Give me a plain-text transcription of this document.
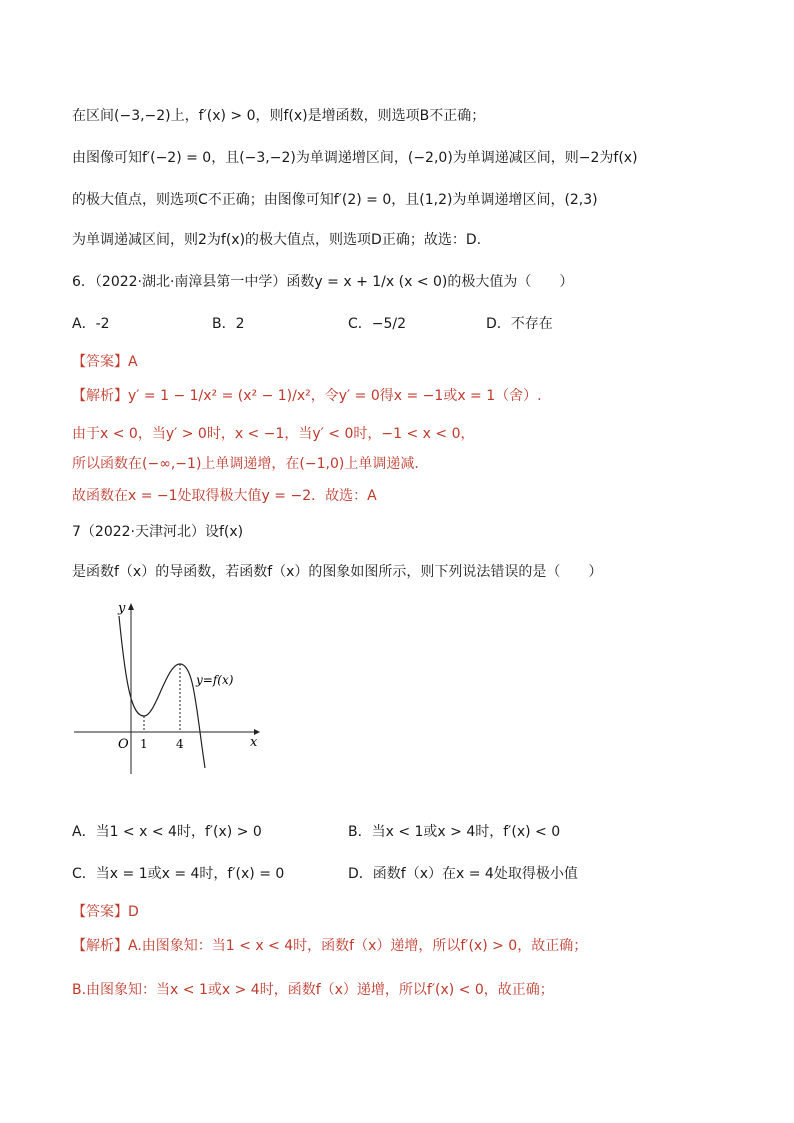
在区间(−3,−2)上，f′(x) > 0，则f(x)是增函数，则选项B不正确；
由图像可知f′(−2) = 0，且(−3,−2)为单调递增区间，(−2,0)为单调递减区间，则−2为f(x)
的极大值点，则选项C不正确；由图像可知f′(2) = 0，且(1,2)为单调递增区间，(2,3)
为单调递减区间，则2为f(x)的极大值点，则选项D正确；故选：D.
6．（2022·湖北·南漳县第一中学）函数y = x + 1/x (x < 0)的极大值为（　　）
A．-2	B．2	C．−5/2	D．不存在
【答案】A
【解析】y′ = 1 − 1/x² = (x² − 1)/x²，令y′ = 0得x = −1或x = 1（舍）.
由于x < 0，当y′ > 0时，x < −1，当y′ < 0时，−1 < x < 0，
所以函数在(−∞,−1)上单调递增，在(−1,0)上单调递减.
故函数在x = −1处取得极大值y = −2．故选：A
7（2022·天津河北）设f(x)
是函数f（x）的导函数，若函数f（x）的图象如图所示，则下列说法错误的是（　　）
y
x
O 1 4
y=f(x)
A．当1 < x < 4时，f′(x) > 0	B．当x < 1或x > 4时，f′(x) < 0
C．当x = 1或x = 4时，f′(x) = 0	D．函数f（x）在x = 4处取得极小值
【答案】D
【解析】A.由图象知：当1 < x < 4时，函数f（x）递增，所以f′(x) > 0，故正确；
B.由图象知：当x < 1或x > 4时，函数f（x）递增，所以f′(x) < 0，故正确；
